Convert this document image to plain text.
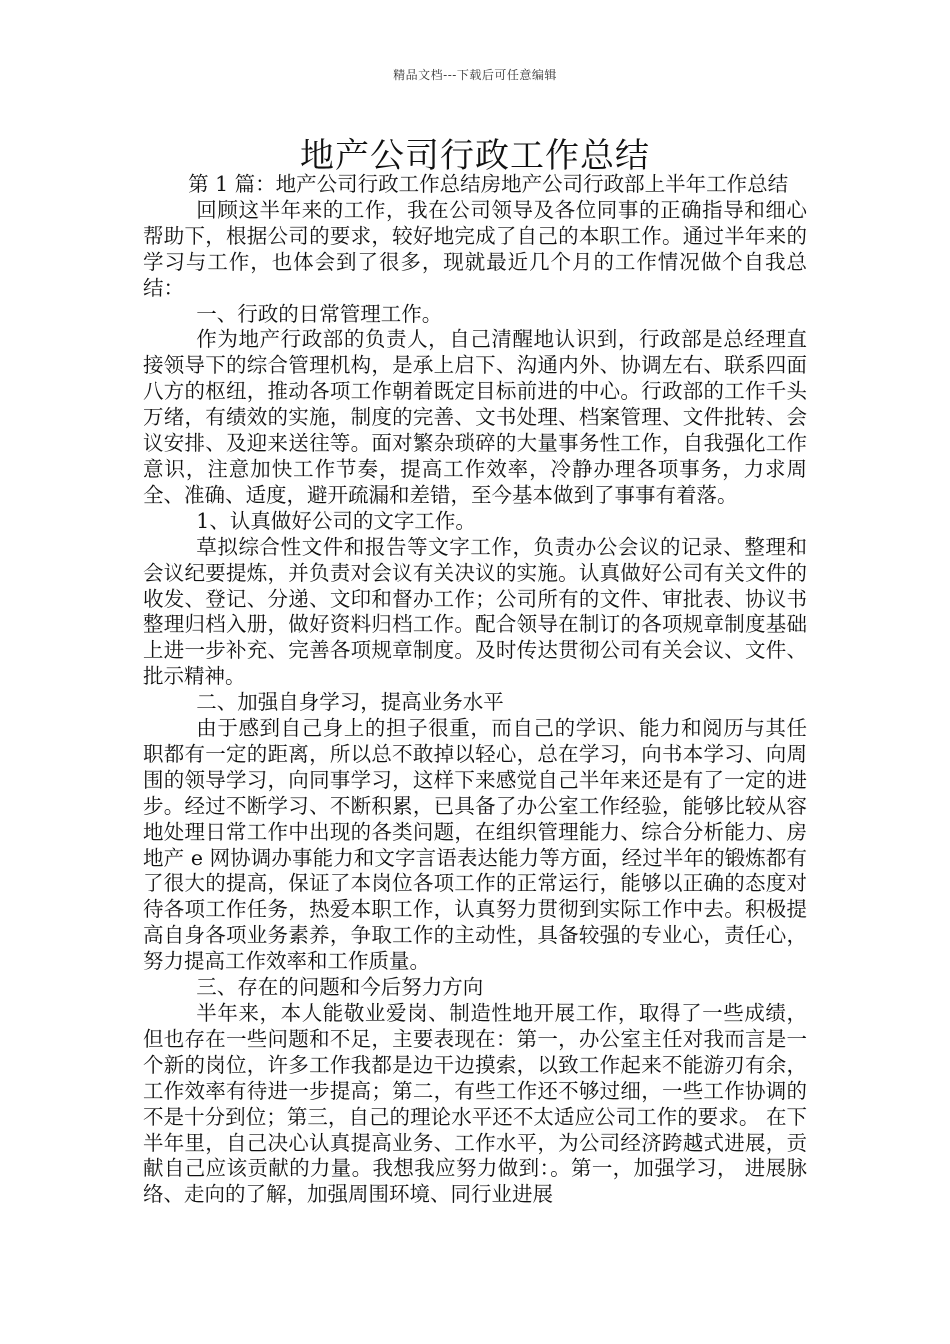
精品文档---下载后可任意编辑
地产公司行政工作总结

第 1 篇：地产公司行政工作总结房地产公司行政部上半年工作总结

回顾这半年来的工作，我在公司领导及各位同事的正确指导和细心帮助下，根据公司的要求，较好地完成了自己的本职工作。通过半年来的学习与工作，也体会到了很多，现就最近几个月的工作情况做个自我总结：

一、行政的日常管理工作。

作为地产行政部的负责人，自己清醒地认识到，行政部是总经理直接领导下的综合管理机构，是承上启下、沟通内外、协调左右、联系四面八方的枢纽，推动各项工作朝着既定目标前进的中心。行政部的工作千头万绪，有绩效的实施，制度的完善、文书处理、档案管理、文件批转、会议安排、及迎来送往等。面对繁杂琐碎的大量事务性工作，自我强化工作意识，注意加快工作节奏，提高工作效率，冷静办理各项事务，力求周全、准确、适度，避开疏漏和差错，至今基本做到了事事有着落。

1、认真做好公司的文字工作。

草拟综合性文件和报告等文字工作，负责办公会议的记录、整理和会议纪要提炼，并负责对会议有关决议的实施。认真做好公司有关文件的收发、登记、分递、文印和督办工作；公司所有的文件、审批表、协议书整理归档入册，做好资料归档工作。配合领导在制订的各项规章制度基础上进一步补充、完善各项规章制度。及时传达贯彻公司有关会议、文件、批示精神。

二、加强自身学习，提高业务水平

由于感到自己身上的担子很重，而自己的学识、能力和阅历与其任职都有一定的距离，所以总不敢掉以轻心，总在学习，向书本学习、向周围的领导学习，向同事学习，这样下来感觉自己半年来还是有了一定的进步。经过不断学习、不断积累，已具备了办公室工作经验，能够比较从容地处理日常工作中出现的各类问题，在组织管理能力、综合分析能力、房地产 e 网协调办事能力和文字言语表达能力等方面，经过半年的锻炼都有了很大的提高，保证了本岗位各项工作的正常运行，能够以正确的态度对待各项工作任务，热爱本职工作，认真努力贯彻到实际工作中去。积极提高自身各项业务素养，争取工作的主动性，具备较强的专业心，责任心，努力提高工作效率和工作质量。

三、存在的问题和今后努力方向

半年来，本人能敬业爱岗、制造性地开展工作，取得了一些成绩，但也存在一些问题和不足，主要表现在：第一，办公室主任对我而言是一个新的岗位，许多工作我都是边干边摸索，以致工作起来不能游刃有余，工作效率有待进一步提高；第二，有些工作还不够过细，一些工作协调的不是十分到位；第三，自己的理论水平还不太适应公司工作的要求。 在下半年里，自己决心认真提高业务、工作水平，为公司经济跨越式进展，贡献自己应该贡献的力量。我想我应努力做到：。第一，加强学习， 进展脉络、走向的了解，加强周围环境、同行业进展
